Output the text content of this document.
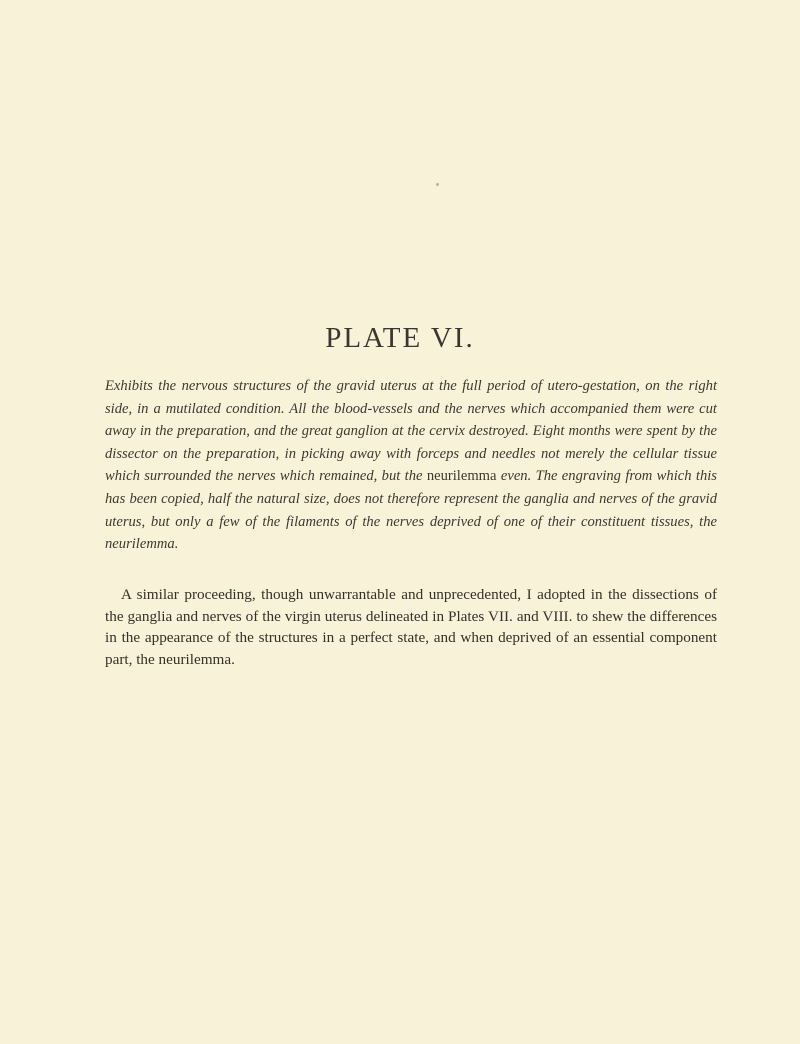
PLATE VI.

Exhibits the nervous structures of the gravid uterus at the full period of utero-gestation, on the right side, in a mutilated condition. All the blood-vessels and the nerves which accompanied them were cut away in the preparation, and the great ganglion at the cervix destroyed. Eight months were spent by the dissector on the preparation, in picking away with forceps and needles not merely the cellular tissue which surrounded the nerves which remained, but the neurilemma even. The engraving from which this has been copied, half the natural size, does not therefore represent the ganglia and nerves of the gravid uterus, but only a few of the filaments of the nerves deprived of one of their constituent tissues, the neurilemma.

A similar proceeding, though unwarrantable and unprecedented, I adopted in the dissections of the ganglia and nerves of the virgin uterus delineated in Plates VII. and VIII. to shew the differences in the appearance of the structures in a perfect state, and when deprived of an essential component part, the neurilemma.
